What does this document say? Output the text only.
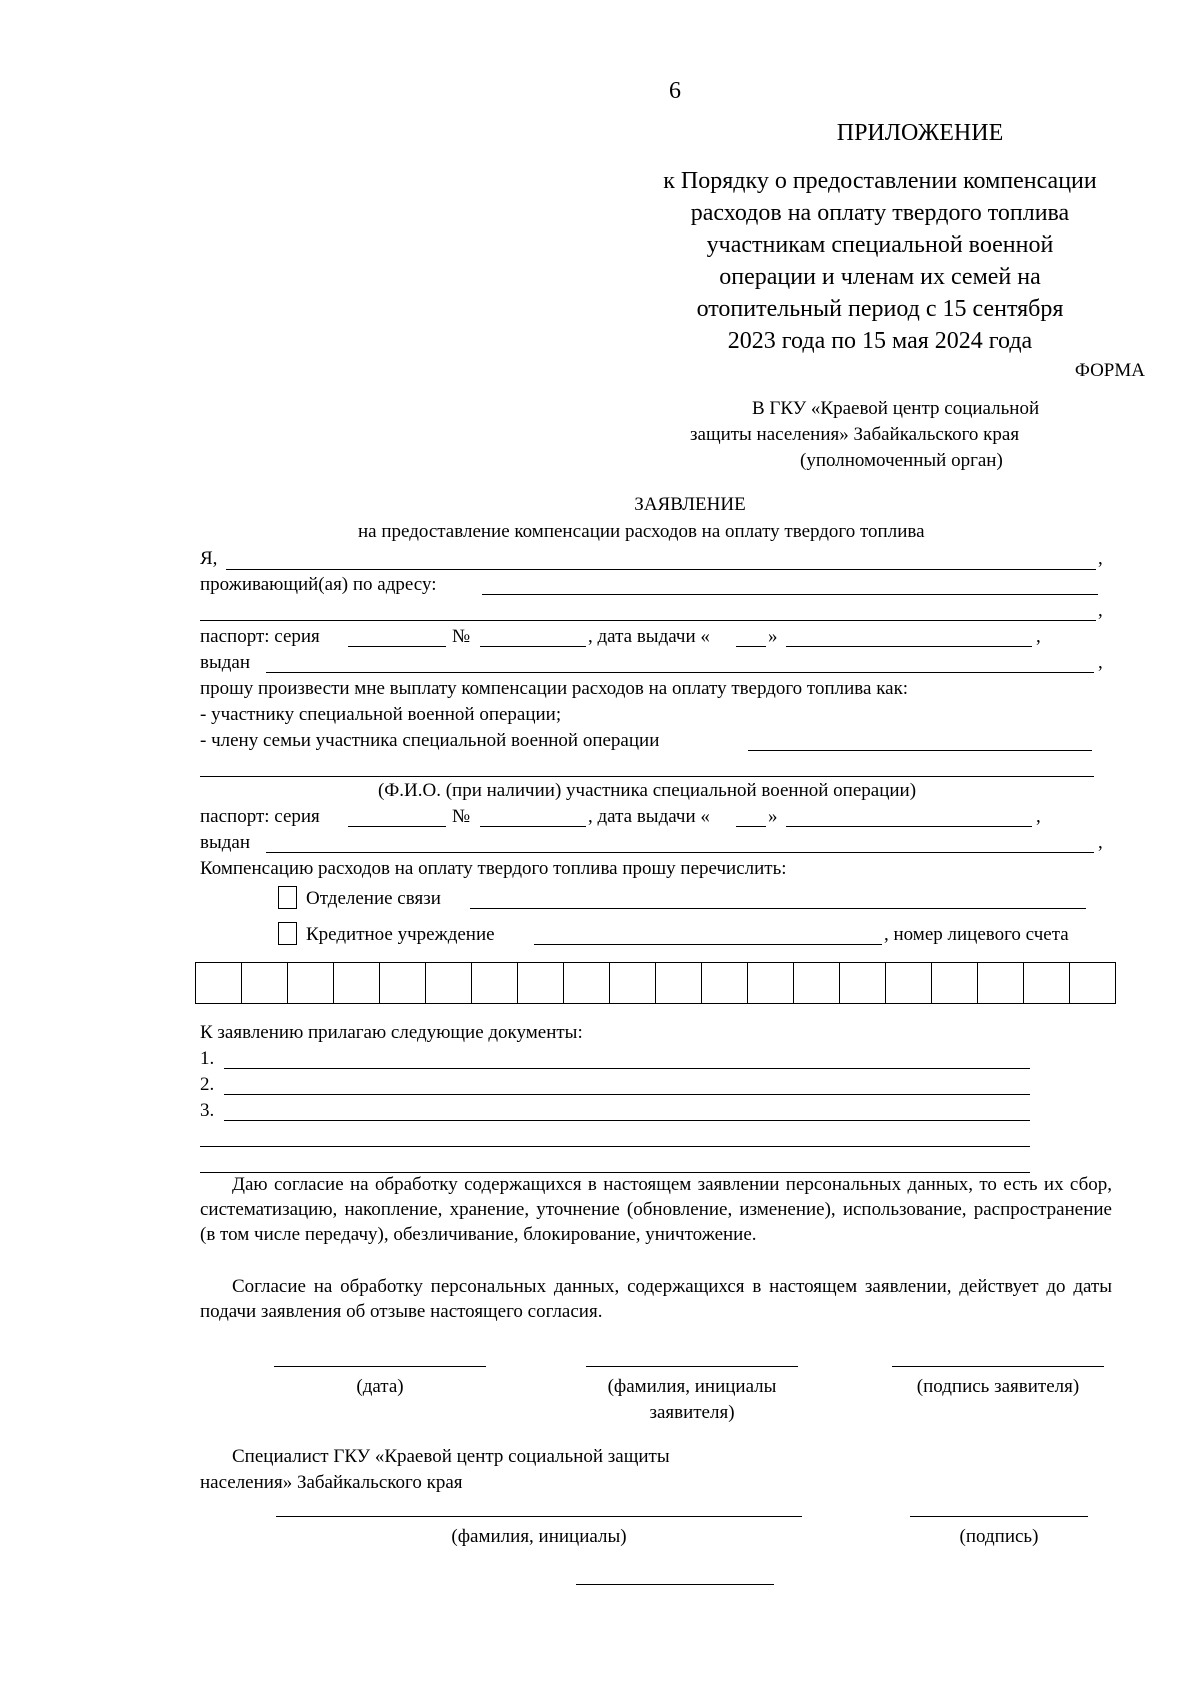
6
ПРИЛОЖЕНИЕ
к Порядку о предоставлении компенсации
расходов на оплату твердого топлива
участникам специальной военной
операции и членам их семей на
отопительный период с 15 сентября
2023 года по 15 мая 2024 года
ФОРМА
В ГКУ «Краевой центр социальной
защиты населения» Забайкальского края
(уполномоченный орган)
ЗАЯВЛЕНИЕ
на предоставление компенсации расходов на оплату твердого топлива
Я,	,
проживающий(ая) по адресу:
,
паспорт: серия	№	, дата выдачи «	»	,
выдан	,
прошу произвести мне выплату компенсации расходов на оплату твердого топлива как:
- участнику специальной военной операции;
- члену семьи участника специальной военной операции
(Ф.И.О. (при наличии) участника специальной военной операции)
паспорт: серия	№	, дата выдачи «	»	,
выдан	,
Компенсацию расходов на оплату твердого топлива прошу перечислить:
Отделение связи
Кредитное учреждение	, номер лицевого счета
К заявлению прилагаю следующие документы:
1.
2.
3.
Даю согласие на обработку содержащихся в настоящем заявлении персональных данных, то есть их сбор, систематизацию, накопление, хранение, уточнение (обновление, изменение), использование, распространение (в том числе передачу), обезличивание, блокирование, уничтожение.
Согласие на обработку персональных данных, содержащихся в настоящем заявлении, действует до даты подачи заявления об отзыве настоящего согласия.
(дата)	(фамилия, инициалы
заявителя)
(подпись заявителя)
Специалист ГКУ «Краевой центр социальной защиты
населения» Забайкальского края
(фамилия, инициалы)	(подпись)
